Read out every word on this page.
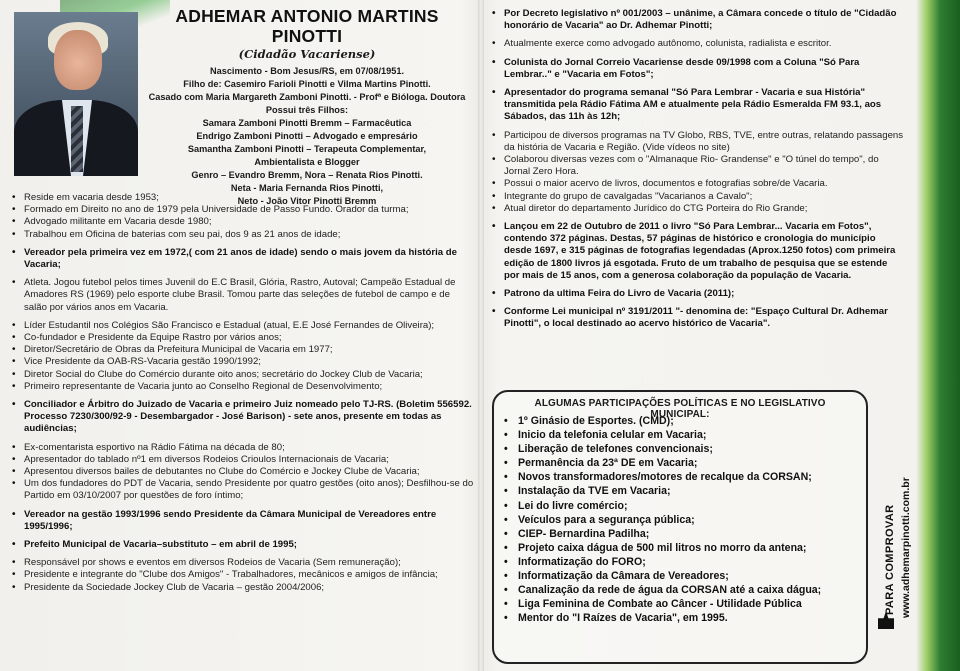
ADHEMAR ANTONIO MARTINS PINOTTI
(Cidadão Vacariense)
Nascimento - Bom Jesus/RS, em 07/08/1951.
Filho de: Casemiro Farioli Pinotti e Vilma Martins Pinotti.
Casado com Maria Margareth Zamboni Pinotti. - Profª e Bióloga. Doutora
Possui três Filhos:
Samara Zamboni Pinotti Bremm – Farmacêutica
Endrigo Zamboni Pinotti – Advogado e empresário
Samantha Zamboni Pinotti – Terapeuta Complementar,
Ambientalista e Blogger
Genro – Evandro Bremm, Nora – Renata Rios Pinotti.
Neta - Maria Fernanda Rios Pinotti,
Neto - João Vitor Pinotti Bremm
• Reside em vacaria desde 1953;
• Formado em Direito no ano de 1979 pela Universidade de Passo Fundo. Orador da turma;
• Advogado militante em Vacaria desde 1980;
• Trabalhou em Oficina de baterias com seu pai, dos 9 as 21 anos de idade;
• Vereador pela primeira vez em 1972,( com 21 anos de idade) sendo o mais jovem da história de Vacaria;
• Atleta. Jogou futebol pelos times Juvenil do E.C Brasil, Glória, Rastro, Autoval; Campeão Estadual de Amadores RS (1969) pelo esporte clube Brasil. Tomou parte das seleções de futebol de campo e de salão por vários anos em Vacaria.
• Líder Estudantil nos Colégios São Francisco e Estadual (atual, E.E José Fernandes de Oliveira);
• Co-fundador e Presidente da Equipe Rastro por vários anos;
• Diretor/Secretário de Obras da Prefeitura Municipal de Vacaria em 1977;
• Vice Presidente da OAB-RS-Vacaria gestão 1990/1992;
• Diretor Social do Clube do Comércio durante oito anos; secretário do Jockey Club de Vacaria;
• Primeiro representante de Vacaria junto ao Conselho Regional de Desenvolvimento;
• Conciliador e Árbitro do Juizado de Vacaria e primeiro Juiz nomeado pelo TJ-RS. (Boletim 556592. Processo 7230/300/92-9 - Desembargador - José Barison) - sete anos, presente em todas as audiências;
• Ex-comentarista esportivo na Rádio Fátima na década de 80;
• Apresentador do tablado nº1 em diversos Rodeios Crioulos Internacionais de Vacaria;
• Apresentou diversos bailes de debutantes no Clube do Comércio e Jockey Clube de Vacaria;
• Um dos fundadores do PDT de Vacaria, sendo Presidente por quatro gestões (oito anos); Desfilhou-se do Partido em 03/10/2007 por questões de foro íntimo;
• Vereador na gestão 1993/1996 sendo Presidente da Câmara Municipal de Vereadores entre 1995/1996;
• Prefeito Municipal de Vacaria–substituto – em abril de 1995;
• Responsável por shows e eventos em diversos Rodeios de Vacaria (Sem remuneração);
• Presidente e integrante do "Clube dos Amigos" - Trabalhadores, mecânicos e amigos de infância;
• Presidente da Sociedade Jockey Club de Vacaria – gestão 2004/2006;
• Por Decreto legislativo nº 001/2003 – unânime, a Câmara concede o título de "Cidadão honorário de Vacaria" ao Dr. Adhemar Pinotti;
• Atualmente exerce como advogado autônomo, colunista, radialista e escritor.
• Colunista do Jornal Correio Vacariense desde 09/1998 com a Coluna "Só Para Lembrar.." e "Vacaria em Fotos";
• Apresentador do programa semanal "Só Para Lembrar - Vacaria e sua História" transmitida pela Rádio Fátima AM e atualmente pela Rádio Esmeralda FM 93.1, aos Sábados, das 11h às 12h;
• Participou de diversos programas na TV Globo, RBS, TVE, entre outras, relatando passagens da história de Vacaria e Região. (Vide vídeos no site)
• Colaborou diversas vezes com o "Almanaque Rio- Grandense" e "O túnel do tempo", do Jornal Zero Hora.
• Possui o maior acervo de livros, documentos e fotografias sobre/de Vacaria.
• Integrante do grupo de cavalgadas "Vacarianos a Cavalo";
• Atual diretor do departamento Jurídico do CTG Porteira do Rio Grande;
• Lançou em 22 de Outubro de 2011 o livro "Só Para Lembrar... Vacaria em Fotos", contendo 372 páginas. Destas, 57 páginas de histórico e cronologia do município desde 1697, e 315 páginas de fotografias legendadas (Aprox.1250 fotos) com primeira edição de 1800 livros já esgotada. Fruto de um trabalho de pesquisa que se estende por mais de 15 anos, com a generosa colaboração da população de Vacaria.
• Patrono da ultima Feira do Livro de Vacaria (2011);
• Conforme Lei municipal nº 3191/2011 "- denomina de: "Espaço Cultural Dr. Adhemar Pinotti", o local destinado ao acervo histórico de Vacaria".
ALGUMAS PARTICIPAÇÕES POLÍTICAS E NO LEGISLATIVO MUNICIPAL:
• 1º Ginásio de Esportes. (CMD);
• Inicio da telefonia celular em Vacaria;
• Liberação de telefones convencionais;
• Permanência da 23ª DE em Vacaria;
• Novos transformadores/motores de recalque da CORSAN;
• Instalação da TVE em Vacaria;
• Lei do livre comércio;
• Veículos para a segurança pública;
• CIEP- Bernardina Padilha;
• Projeto caixa dágua de 500 mil litros no morro da antena;
• Informatização do FORO;
• Informatização da Câmara de Vereadores;
• Canalização da rede de água da CORSAN até a caixa dágua;
• Liga Feminina de Combate ao Câncer - Utilidade Pública
• Mentor do "I Raízes de Vacaria", em 1995.
PARA COMPROVAR www.adhemarpinotti.com.br
